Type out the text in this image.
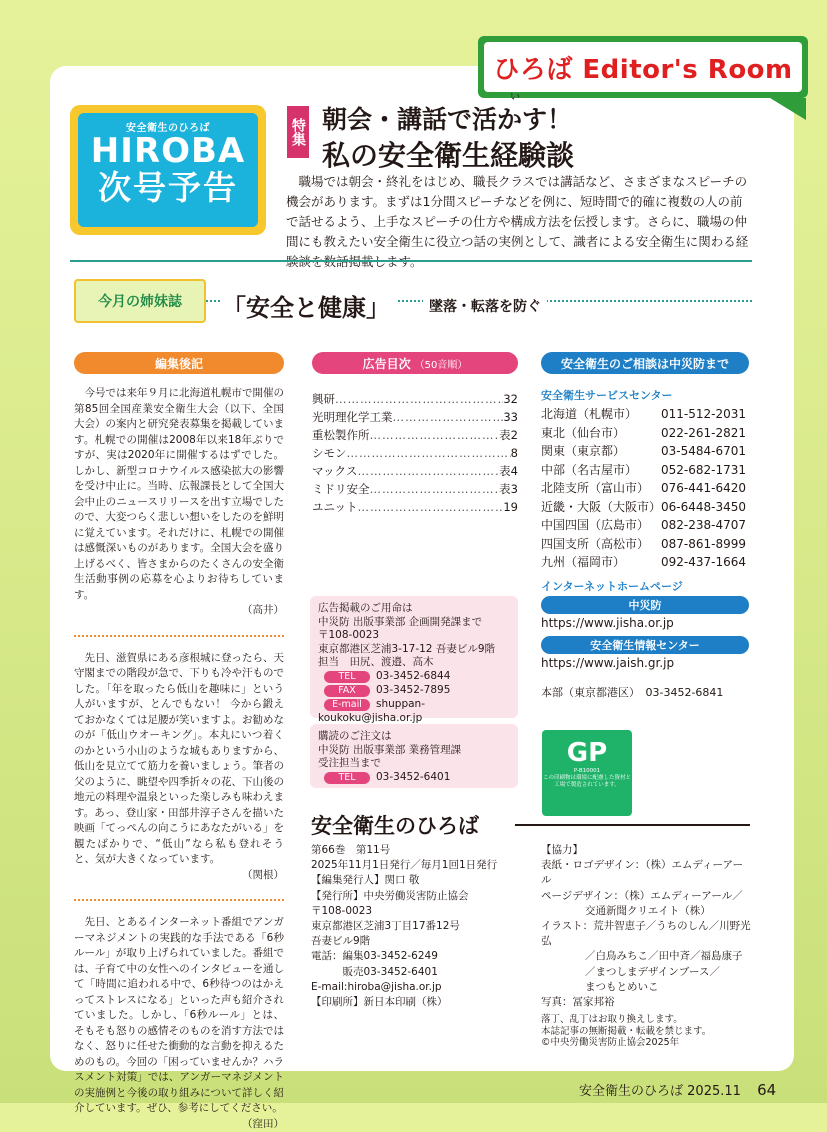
ひろば Editor's Room
安全衛生のひろば
HIROBA
次号予告
特集
い
朝会・講話で活かす！
私の安全衛生経験談
職場では朝会・終礼をはじめ、職長クラスでは講話など、さまざまなスピーチの機会があります。まずは1分間スピーチなどを例に、短時間で的確に複数の人の前で話せるよう、上手なスピーチの仕方や構成方法を伝授します。さらに、職場の仲間にも教えたい安全衛生に役立つ話の実例として、識者による安全衛生に関わる経
今月の姉妹誌	「安全と健康」	墜落・転落を防ぐ
編集後記	広告目次 （50音順）	安全衛生のご相談は中災防まで

今号では来年９月に北海道札幌市で開催の第85回全国産業安全衛生大会（以下、全国大会）の案内と研究発表募集を掲載しています。札幌での開催は2008年以来18年ぶりですが、実は2020年に開催するはずでした。しかし、新型コロナウイルス感染拡大の影響を受け中止に。当時、広報課長として全国大会中止のニュースリリースを出す立場でしたので、大変つらく悲しい想いをしたのを鮮明に覚えています。それだけに、札幌での開催は感慨深いものがあります。全国大会を盛り上げるべく、皆さまからのたくさんの安全衛生活動事例の応募を心よりお待ちしています。

（高井）

先日、滋賀県にある彦根城に登ったら、天守閣までの階段が急で、下りも冷や汗ものでした。「年を取ったら低山を趣味に」という人がいますが、とんでもない！ 今から鍛えておかなくては足腰が笑いますよ。お勧めなのが「低山ウオーキング」。本丸にいつ着くのかという小山のような城もありますから、低山を見立てて筋力を養いましょう。筆者の父のように、眺望や四季折々の花、下山後の地元の料理や温泉といった楽しみも味わえます。あっ、登山家・田部井淳子さんを描いた映画「てっぺんの向こうにあなたがいる」を観たばかりで、“低山”なら私も登れそうと、気が大きくなっています。

（関根）

先日、とあるインターネット番組でアンガーマネジメントの実践的な手法である「6秒ルール」が取り上げられていました。番組では、子育て中の女性へのインタビューを通して「時間に追われる中で、6秒待つのはかえってストレスになる」といった声も紹介されていました。しかし、「6秒ルール」とは、そもそも怒りの感情そのものを消す方法ではなく、怒りに任せた衝動的な言動を抑えるためのもの。今回の「困っていませんか？ハラスメント対策」では、アンガーマネジメントの実施例と今後の取り組みについて詳しく紹介しています。ぜひ、参考にしてください。

（窪田）
興研 ………………………………………………………………	32
光明理化学工業 ………………………………………………………………	33
重松製作所 ………………………………………………………………	表2
シモン ………………………………………………………………	8
マックス ………………………………………………………………	表4
ミドリ安全 ………………………………………………………………	表3
ユニット ………………………………………………………………	19
広告掲載のご用命は
中災防 出版事業部 企画開発課まで
〒108-0023
東京都港区芝浦3-17-12 吾妻ビル9階
担当　田尻、渡邉、高木
TEL 03-3452-6844
FAX 03-3452-7895
E-mail shuppan-koukoku@jisha.or.jp
購読のご注文は
中災防 出版事業部 業務管理課
受注担当まで
TEL 03-3452-6401
安全衛生サービスセンター
北海道（札幌市）	011-512-2031
東北（仙台市）	022-261-2821
関東（東京都）	03-5484-6701
中部（名古屋市）	052-682-1731
北陸支所（富山市） 076-441-6420
近畿・大阪（大阪市） 06-6448-3450
中国四国（広島市） 082-238-4707
四国支所（高松市） 087-861-8999
九州（福岡市）	092-437-1664
インターネットホームページ
中災防
https://www.jisha.or.jp
安全衛生情報センター
https://www.jaish.gr.jp
本部（東京都港区）　 03-3452-6841
GP
P-B10001
この印刷物は環境に配慮した資材と工場で製造されています。
安全衛生のひろば
第66巻　第11号
2025年11月1日発行／毎月1回1日発行
【編集発行人】関口 敬
【発行所】中央労働災害防止協会
〒108-0023
東京都港区芝浦3丁目17番12号
吾妻ビル9階
電話：編集03-3452-6249
　　　販売03-3452-6401
E-mail:hiroba@jisha.or.jp
【印刷所】新日本印刷（株）
【協力】
表紙・ロゴデザイン：（株）エムディーアール
ページデザイン：（株）エムディーアール／
交通新聞クリエイト（株）
イラスト：荒井智恵子／うちのしん／川野光弘
／白鳥みちこ／田中斉／福島康子
／まつしまデザインブース／
まつもとめいこ
写真：冨家邦裕
落丁、乱丁はお取り換えします。
本誌記事の無断掲載・転載を禁じます。
©中央労働災害防止協会2025年
安全衛生のひろば 2025.11 64
